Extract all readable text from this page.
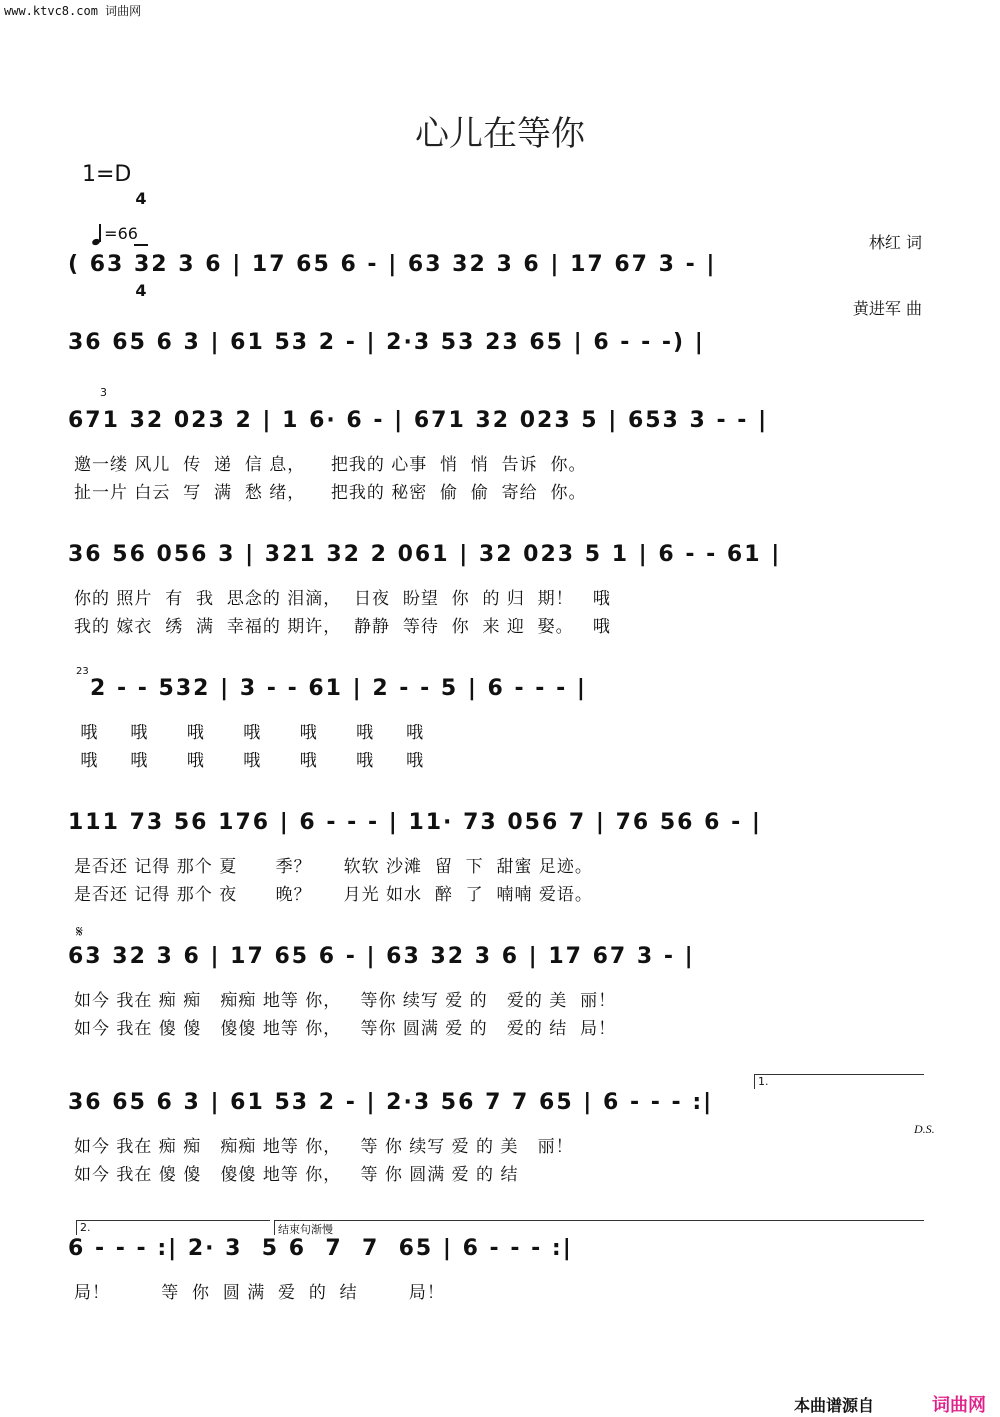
www.ktvc8.com 词曲网
心儿在等你
1=D

4

4

=66

	林红 词

黄进军 曲

( 63 32 3 6 | 17 65 6 - | 63 32 3 6 | 17 67 3 - |

36 65 6 3 | 61 53 2 - | 2·3 53 23 65 | 6 - - -) |

3

671 32 023 2 | 1 6· 6 - | 671 32 023 5 | 653 3 - - |

邀一缕 风儿  传  递  信 息，    把我的 心事  悄  悄  告诉  你。

扯一片 白云  写  满  愁 绪，    把我的 秘密  偷  偷  寄给  你。

36 56 056 3 | 321 32 2 061 | 32 023 5 1 | 6 - - 61 |

你的 照片  有  我  思念的 泪滴，  日夜  盼望  你  的 归  期！   哦

我的 嫁衣  绣  满  幸福的 期许，  静静  等待  你  来 迎  娶。   哦

23

2 - - 532 | 3 - - 61 | 2 - - 5 | 6 - - - |

哦     哦      哦      哦      哦      哦     哦

哦     哦      哦      哦      哦      哦     哦

111 73 56 176 | 6 - - - | 11· 73 056 7 | 76 56 6 - |

是否还 记得 那个 夏      季？     软软 沙滩  留  下  甜蜜 足迹。

是否还 记得 那个 夜      晚？     月光 如水  醉  了  喃喃 爱语。

𝄋

63 32 3 6 | 17 65 6 - | 63 32 3 6 | 17 67 3 - |

如今 我在 痴 痴   痴痴 地等 你，   等你 续写 爱 的   爱的 美  丽！

如今 我在 傻 傻   傻傻 地等 你，   等你 圆满 爱 的   爱的 结  局！

1.

36 65 6 3 | 61 53 2 - | 2·3 56 7 7 65 | 6 - - - :|

D.S.

如今 我在 痴 痴   痴痴 地等 你，   等 你 续写 爱 的 美   丽！

如今 我在 傻 傻   傻傻 地等 你，   等 你 圆满 爱 的 结

2.

	结束句渐慢

6 - - - :| 2· 3  5 6  7  7  65 | 6 - - - :|

局！        等  你  圆 满  爱  的  结        局！

本曲谱源自	词曲网
